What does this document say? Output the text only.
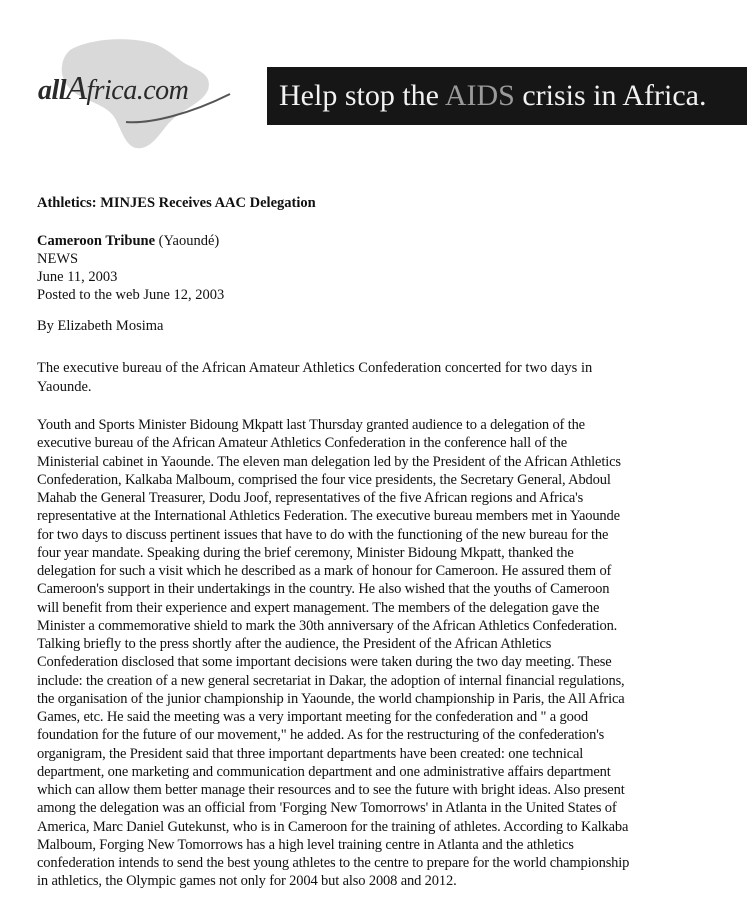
allAfrica.com	Help stop the AIDS crisis in Africa.
Athletics: MINJES Receives AAC Delegation
Cameroon Tribune (Yaoundé)
NEWS
June 11, 2003
Posted to the web June 12, 2003
By Elizabeth Mosima
The executive bureau of the African Amateur Athletics Confederation concerted for two days in
Yaounde.
Youth and Sports Minister Bidoung Mkpatt last Thursday granted audience to a delegation of the
executive bureau of the African Amateur Athletics Confederation in the conference hall of the
Ministerial cabinet in Yaounde. The eleven man delegation led by the President of the African Athletics
Confederation, Kalkaba Malboum, comprised the four vice presidents, the Secretary General, Abdoul
Mahab the General Treasurer, Dodu Joof, representatives of the five African regions and Africa's
representative at the International Athletics Federation. The executive bureau members met in Yaounde
for two days to discuss pertinent issues that have to do with the functioning of the new bureau for the
four year mandate. Speaking during the brief ceremony, Minister Bidoung Mkpatt, thanked the
delegation for such a visit which he described as a mark of honour for Cameroon. He assured them of
Cameroon's support in their undertakings in the country. He also wished that the youths of Cameroon
will benefit from their experience and expert management. The members of the delegation gave the
Minister a commemorative shield to mark the 30th anniversary of the African Athletics Confederation.
Talking briefly to the press shortly after the audience, the President of the African Athletics
Confederation disclosed that some important decisions were taken during the two day meeting. These
include: the creation of a new general secretariat in Dakar, the adoption of internal financial regulations,
the organisation of the junior championship in Yaounde, the world championship in Paris, the All Africa
Games, etc. He said the meeting was a very important meeting for the confederation and " a good
foundation for the future of our movement," he added. As for the restructuring of the confederation's
organigram, the President said that three important departments have been created: one technical
department, one marketing and communication department and one administrative affairs department
which can allow them better manage their resources and to see the future with bright ideas. Also present
among the delegation was an official from 'Forging New Tomorrows' in Atlanta in the United States of
America, Marc Daniel Gutekunst, who is in Cameroon for the training of athletes. According to Kalkaba
Malboum, Forging New Tomorrows has a high level training centre in Atlanta and the athletics
confederation intends to send the best young athletes to the centre to prepare for the world championship
in athletics, the Olympic games not only for 2004 but also 2008 and 2012.
